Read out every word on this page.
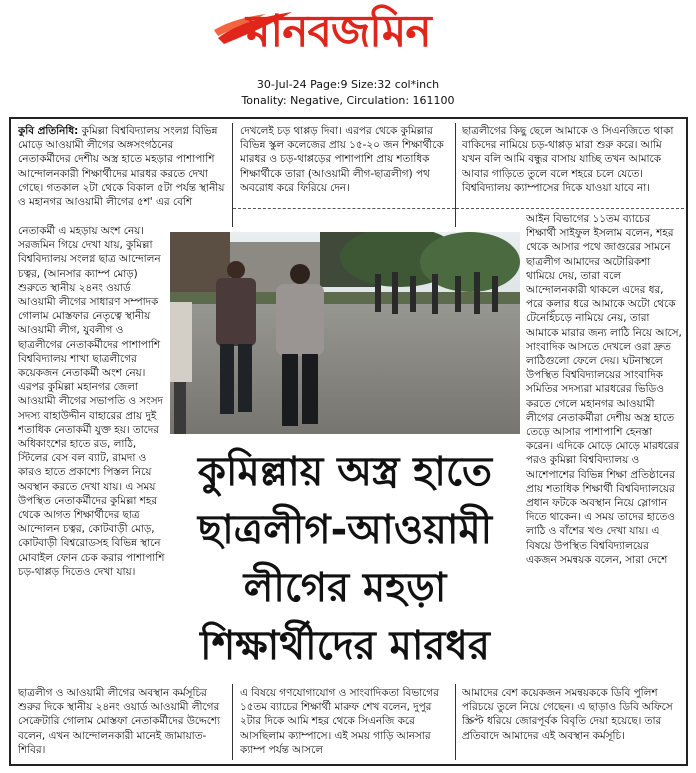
মানবজমিন
30-Jul-24 Page:9 Size:32 col*inch
Tonality: Negative, Circulation: 161100

কুবি প্রতিনিধি: কুমিল্লা বিশ্ববিদ্যালয় সংলগ্ন বিভিন্ন মোড়ে আওয়ামী লীগের অঙ্গসংগঠনের নেতাকর্মীদের দেশীয় অস্ত্র হাতে মহড়ার পাশাপাশি আন্দোলনকারী শিক্ষার্থীদের মারধর করতে দেখা গেছে। গতকাল ২টা থেকে বিকাল ৫টা পর্যন্ত স্থানীয় ও মহানগর আওয়ামী লীগের ৫শ' এর বেশি

নেতাকর্মী এ মহড়ায় অংশ নেয়। সরজমিন গিয়ে দেখা যায়, কুমিল্লা বিশ্ববিদ্যালয় সংলগ্ন ছাত্র আন্দোলন চত্বর, (আনসার ক্যাম্প মোড়) শুরুতে স্থানীয় ২৪নং ওয়ার্ড আওয়ামী লীগের সাধারণ সম্পাদক গোলাম মোস্তফার নেতৃত্বে স্থানীয় আওয়ামী লীগ, যুবলীগ ও ছাত্রলীগের নেতাকর্মীদের পাশাপাশি বিশ্ববিদ্যালয় শাখা ছাত্রলীগের কয়েকজন নেতাকর্মী অংশ নেয়। এরপর কুমিল্লা মহানগর জেলা আওয়ামী লীগের সভাপতি ও সংসদ সদস্য বাহাউদ্দীন বাহারের প্রায় দুই শতাধিক নেতাকর্মী যুক্ত হয়। তাদের অধিকাংশের হাতে রড, লাঠি, স্টিলের বেস বল ব্যাট, রামদা ও কারও হাতে প্রকাশ্যে পিস্তল নিয়ে অবস্থান করতে দেখা যায়। এ সময় উপস্থিত নেতাকর্মীদের কুমিল্লা শহর থেকে আগত শিক্ষার্থীদের ছাত্র আন্দোলন চত্বর, কোটবাড়ী মোড়, কোটবাড়ী বিশ্বরোডসহ বিভিন্ন স্থানে মোবাইল ফোন চেক করার পাশাপাশি চড়-থাপ্পড় দিতেও দেখা যায়।

দেখলেই চড় থাপ্পড় দিবা। এরপর থেকে কুমিল্লার বিভিন্ন স্কুল কলেজের প্রায় ১৫-২০ জন শিক্ষার্থীকে মারধর ও চড়-থাপ্পড়ের পাশাপাশি প্রায় শতাধিক শিক্ষার্থীকে তারা (আওয়ামী লীগ-ছাত্রলীগ) পথ অবরোধ করে ফিরিয়ে দেন।

ছাত্রলীগের কিছু ছেলে আমাকে ও সিএনজিতে থাকা বাকিদের নামিয়ে চড়-থাপ্পড় মারা শুরু করে। আমি যখন বলি আমি বন্ধুর বাসায় যাচ্ছি তখন আমাকে আবার গাড়িতে তুলে বলে শহরে চলে যেতে। বিশ্ববিদ্যালয় ক্যাম্পাসের দিকে যাওয়া যাবে না।

আইন বিভাগের ১১তম ব্যাচের শিক্ষার্থী সাইফুল ইসলাম বলেন, শহর থেকে আসার পথে জাগুরের সামনে ছাত্রলীগ আমাদের অটোরিকশা থামিয়ে দেয়, তারা বলে আন্দোলনকারী থাকলে এদের ধর, পরে কলার ধরে আমাকে অটো থেকে টেনেহিঁচড়ে নামিয়ে নেয়, তারা আমাকে মারার জন্য লাঠি নিয়ে আসে, সাংবাদিক আসতে দেখলে ওরা দ্রুত লাঠিগুলো ফেলে দেয়। ঘটনাস্থলে উপস্থিত বিশ্ববিদ্যালয়ের সাংবাদিক সমিতির সদস্যরা মারধরের ভিডিও করতে গেলে মহানগর আওয়ামী লীগের নেতাকর্মীরা দেশীয় অস্ত্র হাতে তেড়ে আসার পাশাপাশি হেনস্তা করেন। এদিকে মোড়ে মোড়ে মারধরের পরও কুমিল্লা বিশ্ববিদ্যালয় ও আশেপাশের বিভিন্ন শিক্ষা প্রতিষ্ঠানের প্রায় শতাধিক শিক্ষার্থী বিশ্ববিদ্যালয়ের প্রধান ফটকে অবস্থান নিয়ে স্লোগান দিতে থাকেন। এ সময় তাদের হাতেও লাঠি ও বাঁশের খণ্ড দেখা যায়। এ বিষয়ে উপস্থিত বিশ্ববিদ্যালয়ের একজন সমন্বয়ক বলেন, সারা দেশে

কুমিল্লায় অস্ত্র হাতে
ছাত্রলীগ-আওয়ামী
লীগের মহড়া
শিক্ষার্থীদের মারধর

ছাত্রলীগ ও আওয়ামী লীগের অবস্থান কর্মসূচির শুরুর দিকে স্থানীয় ২৪নং ওয়ার্ড আওয়ামী লীগের সেক্রেটারি গোলাম মোস্তফা নেতাকর্মীদের উদ্দেশ্যে বলেন, এখন আন্দোলনকারী মানেই জামায়াত-শিবির।

এ বিষয়ে গণযোগাযোগ ও সাংবাদিকতা বিভাগের ১৫তম ব্যাচের শিক্ষার্থী মারুফ শেখ বলেন, দুপুর ২টার দিকে আমি শহর থেকে সিএনজি করে আসছিলাম ক্যাম্পাসে। এই সময় গাড়ি আনসার ক্যাম্প পর্যন্ত আসলে

আমাদের বেশ কয়েকজন সমন্বয়ককে ডিবি পুলিশ পরিচয়ে তুলে নিয়ে গেছেন। এ ছাড়াও ডিবি অফিসে স্ক্রিপ্ট ধরিয়ে জোরপূর্বক বিবৃতি দেয়া হয়েছে। তার প্রতিবাদে আমাদের এই অবস্থান কর্মসূচি।
